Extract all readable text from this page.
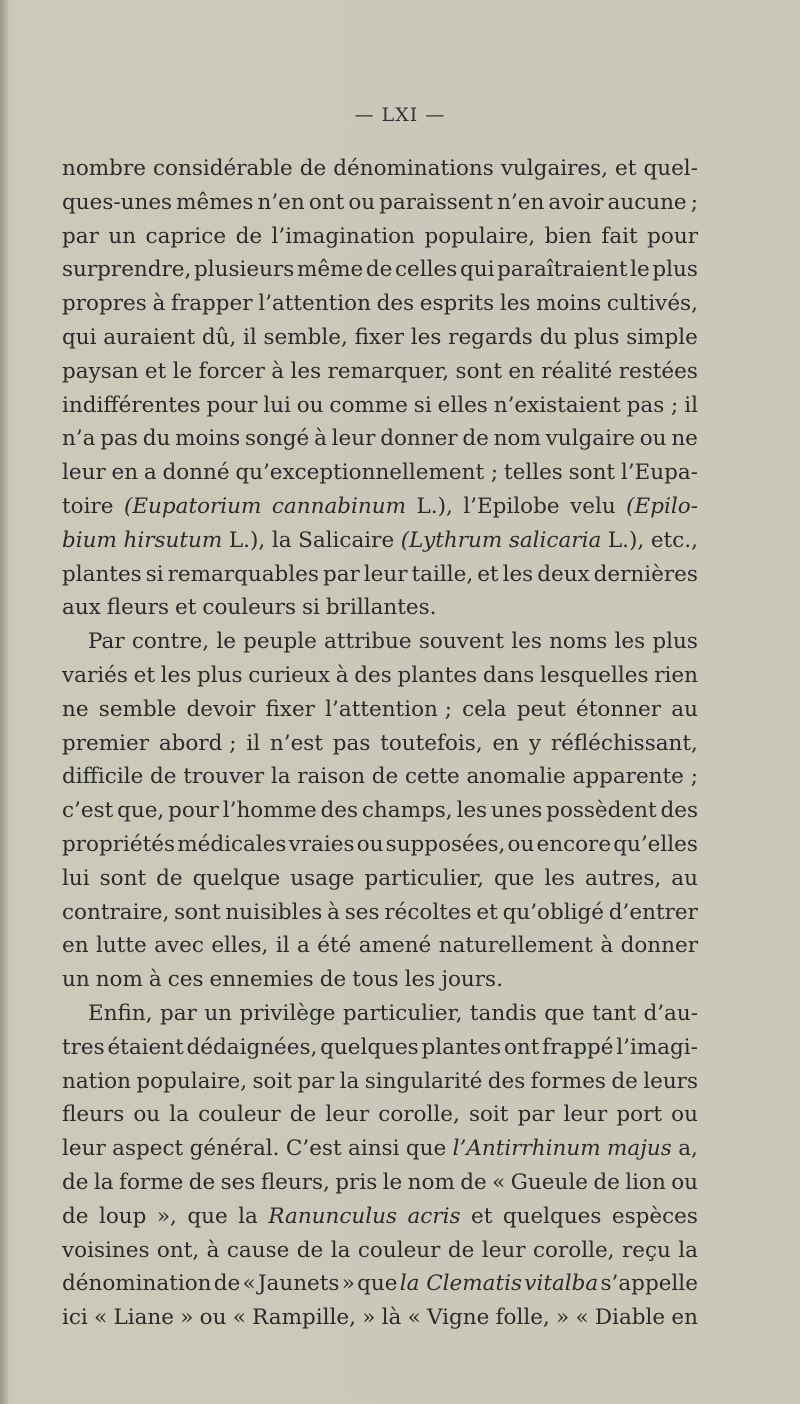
— LXI —
nombre considérable de dénominations vulgaires, et quel-
ques-unes mêmes n’en ont ou paraissent n’en avoir aucune ;
par un caprice de l’imagination populaire, bien fait pour
surprendre, plusieurs même de celles qui paraîtraient le plus
propres à frapper l’attention des esprits les moins cultivés,
qui auraient dû, il semble, fixer les regards du plus simple
paysan et le forcer à les remarquer, sont en réalité restées
indifférentes pour lui ou comme si elles n’existaient pas ; il
n’a pas du moins songé à leur donner de nom vulgaire ou ne
leur en a donné qu’exceptionnellement ; telles sont l’Eupa-
toire (Eupatorium cannabinum L.), l’Epilobe velu (Epilo-
bium hirsutum L.), la Salicaire (Lythrum salicaria L.), etc.,
plantes si remarquables par leur taille, et les deux dernières
aux fleurs et couleurs si brillantes.
Par contre, le peuple attribue souvent les noms les plus
variés et les plus curieux à des plantes dans lesquelles rien
ne semble devoir fixer l’attention ; cela peut étonner au
premier abord ; il n’est pas toutefois, en y réfléchissant,
difficile de trouver la raison de cette anomalie apparente ;
c’est que, pour l’homme des champs, les unes possèdent des
propriétés médicales vraies ou supposées, ou encore qu’elles
lui sont de quelque usage particulier, que les autres, au
contraire, sont nuisibles à ses récoltes et qu’obligé d’entrer
en lutte avec elles, il a été amené naturellement à donner
un nom à ces ennemies de tous les jours.
Enfin, par un privilège particulier, tandis que tant d’au-
tres étaient dédaignées, quelques plantes ont frappé l’imagi-
nation populaire, soit par la singularité des formes de leurs
fleurs ou la couleur de leur corolle, soit par leur port ou
leur aspect général. C’est ainsi que l’Antirrhinum majus a,
de la forme de ses fleurs, pris le nom de « Gueule de lion ou
de loup », que la Ranunculus acris et quelques espèces
voisines ont, à cause de la couleur de leur corolle, reçu la
dénomination de « Jaunets » que la Clematis vitalba s’appelle
ici « Liane » ou « Rampille, » là « Vigne folle, » « Diable en
